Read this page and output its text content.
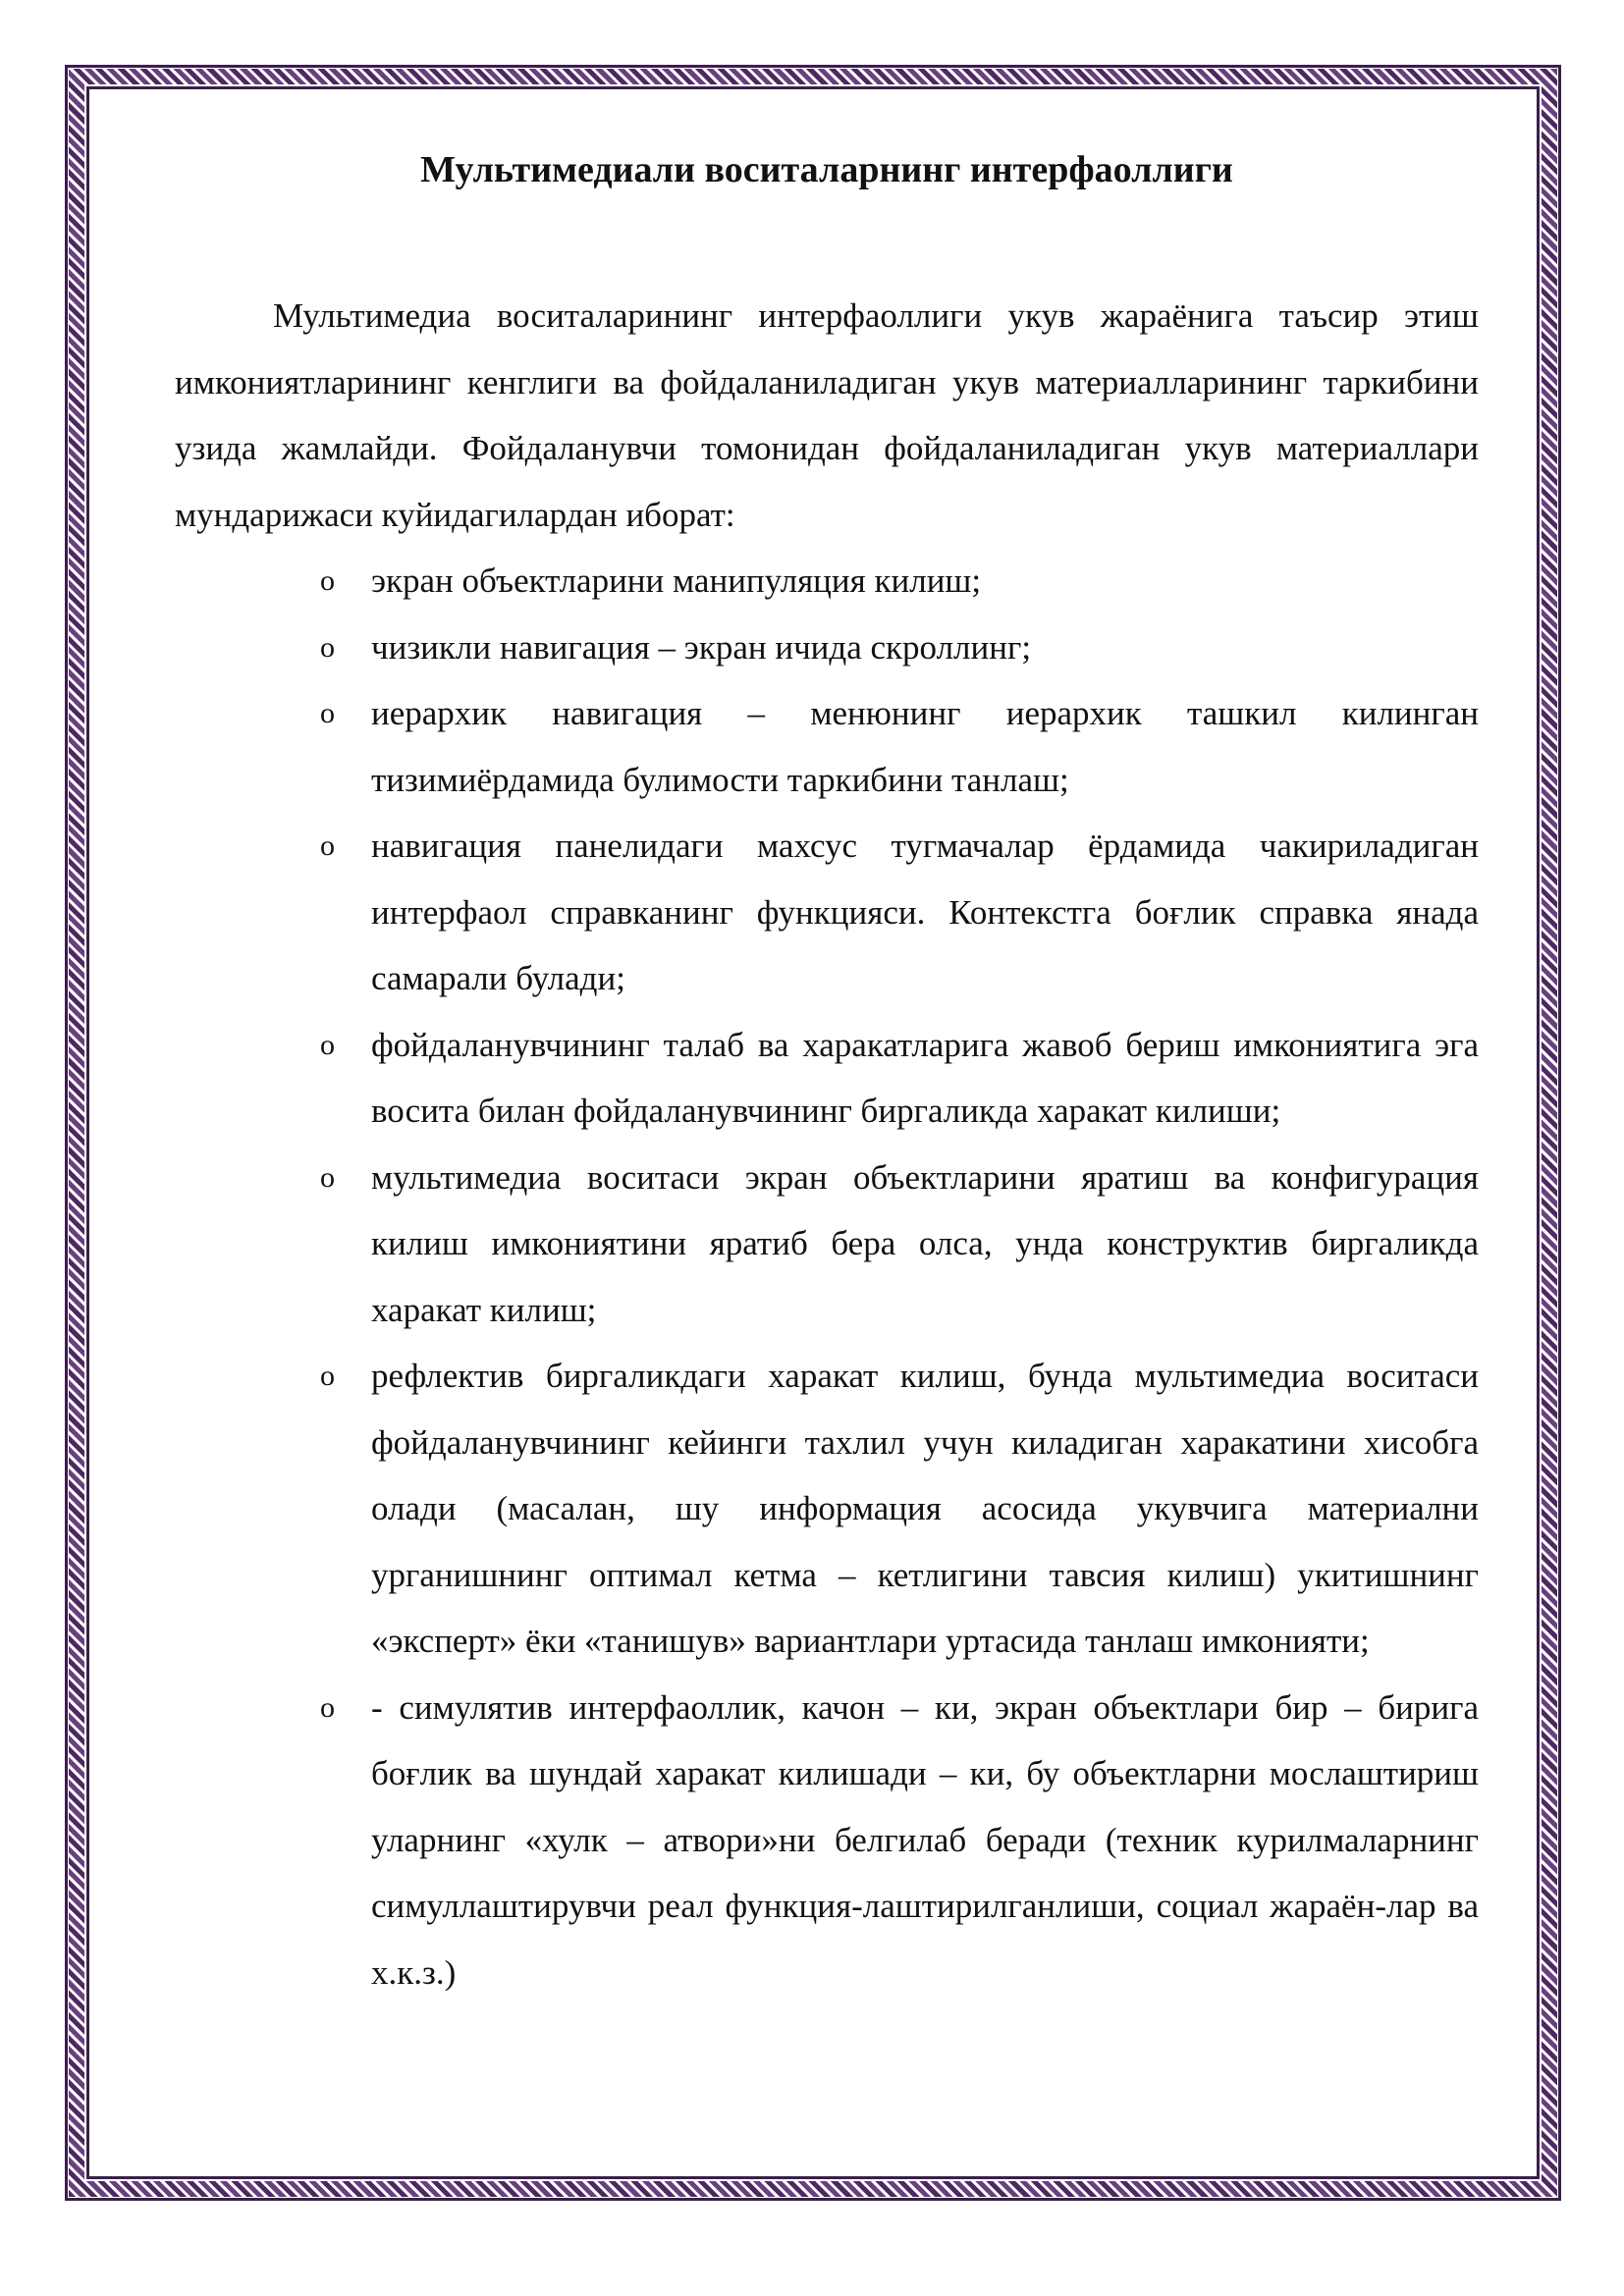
Мультимедиали воситаларнинг интерфаоллиги

Мультимедиа воситаларининг интерфаоллиги укув жараёнига таъсир этиш имкониятларининг кенглиги ва фойдаланиладиган укув материалларининг таркибини узида жамлайди. Фойдаланувчи томонидан фойдаланиладиган укув материаллари мундарижаси куйидагилардан иборат:

o экран объектларини манипуляция килиш;
o чизикли навигация – экран ичида скроллинг;
o иерархик навигация – менюнинг иерархик ташкил килинган тизимиёрдамида булимости таркибини танлаш;
o навигация панелидаги махсус тугмачалар ёрдамида чакириладиган интерфаол справканинг функцияси. Контекстга боғлик справка янада самарали булади;
o фойдаланувчининг талаб ва харакатларига жавоб бериш имкониятига эга восита билан фойдаланувчининг биргаликда харакат килиши;
o мультимедиа воситаси экран объектларини яратиш ва конфигурация килиш имкониятини яратиб бера олса, унда конструктив биргаликда харакат килиш;
o рефлектив биргаликдаги харакат килиш, бунда мультимедиа воситаси фойдаланувчининг кейинги тахлил учун киладиган харакатини хисобга олади (масалан, шу информация асосида укувчига материални урганишнинг оптимал кетма – кетлигини тавсия килиш) укитишнинг «эксперт» ёки «танишув» вариантлари уртасида танлаш имконияти;
o - симулятив интерфаоллик, качон – ки, экран объектлари бир – бирига боғлик ва шундай харакат килишади – ки, бу объектларни мослаштириш уларнинг «хулк – атвори»ни белгилаб беради (техник курилмаларнинг симуллаштирувчи реал функция-лаштирилганлиши, социал жараён-лар ва х.к.з.)
